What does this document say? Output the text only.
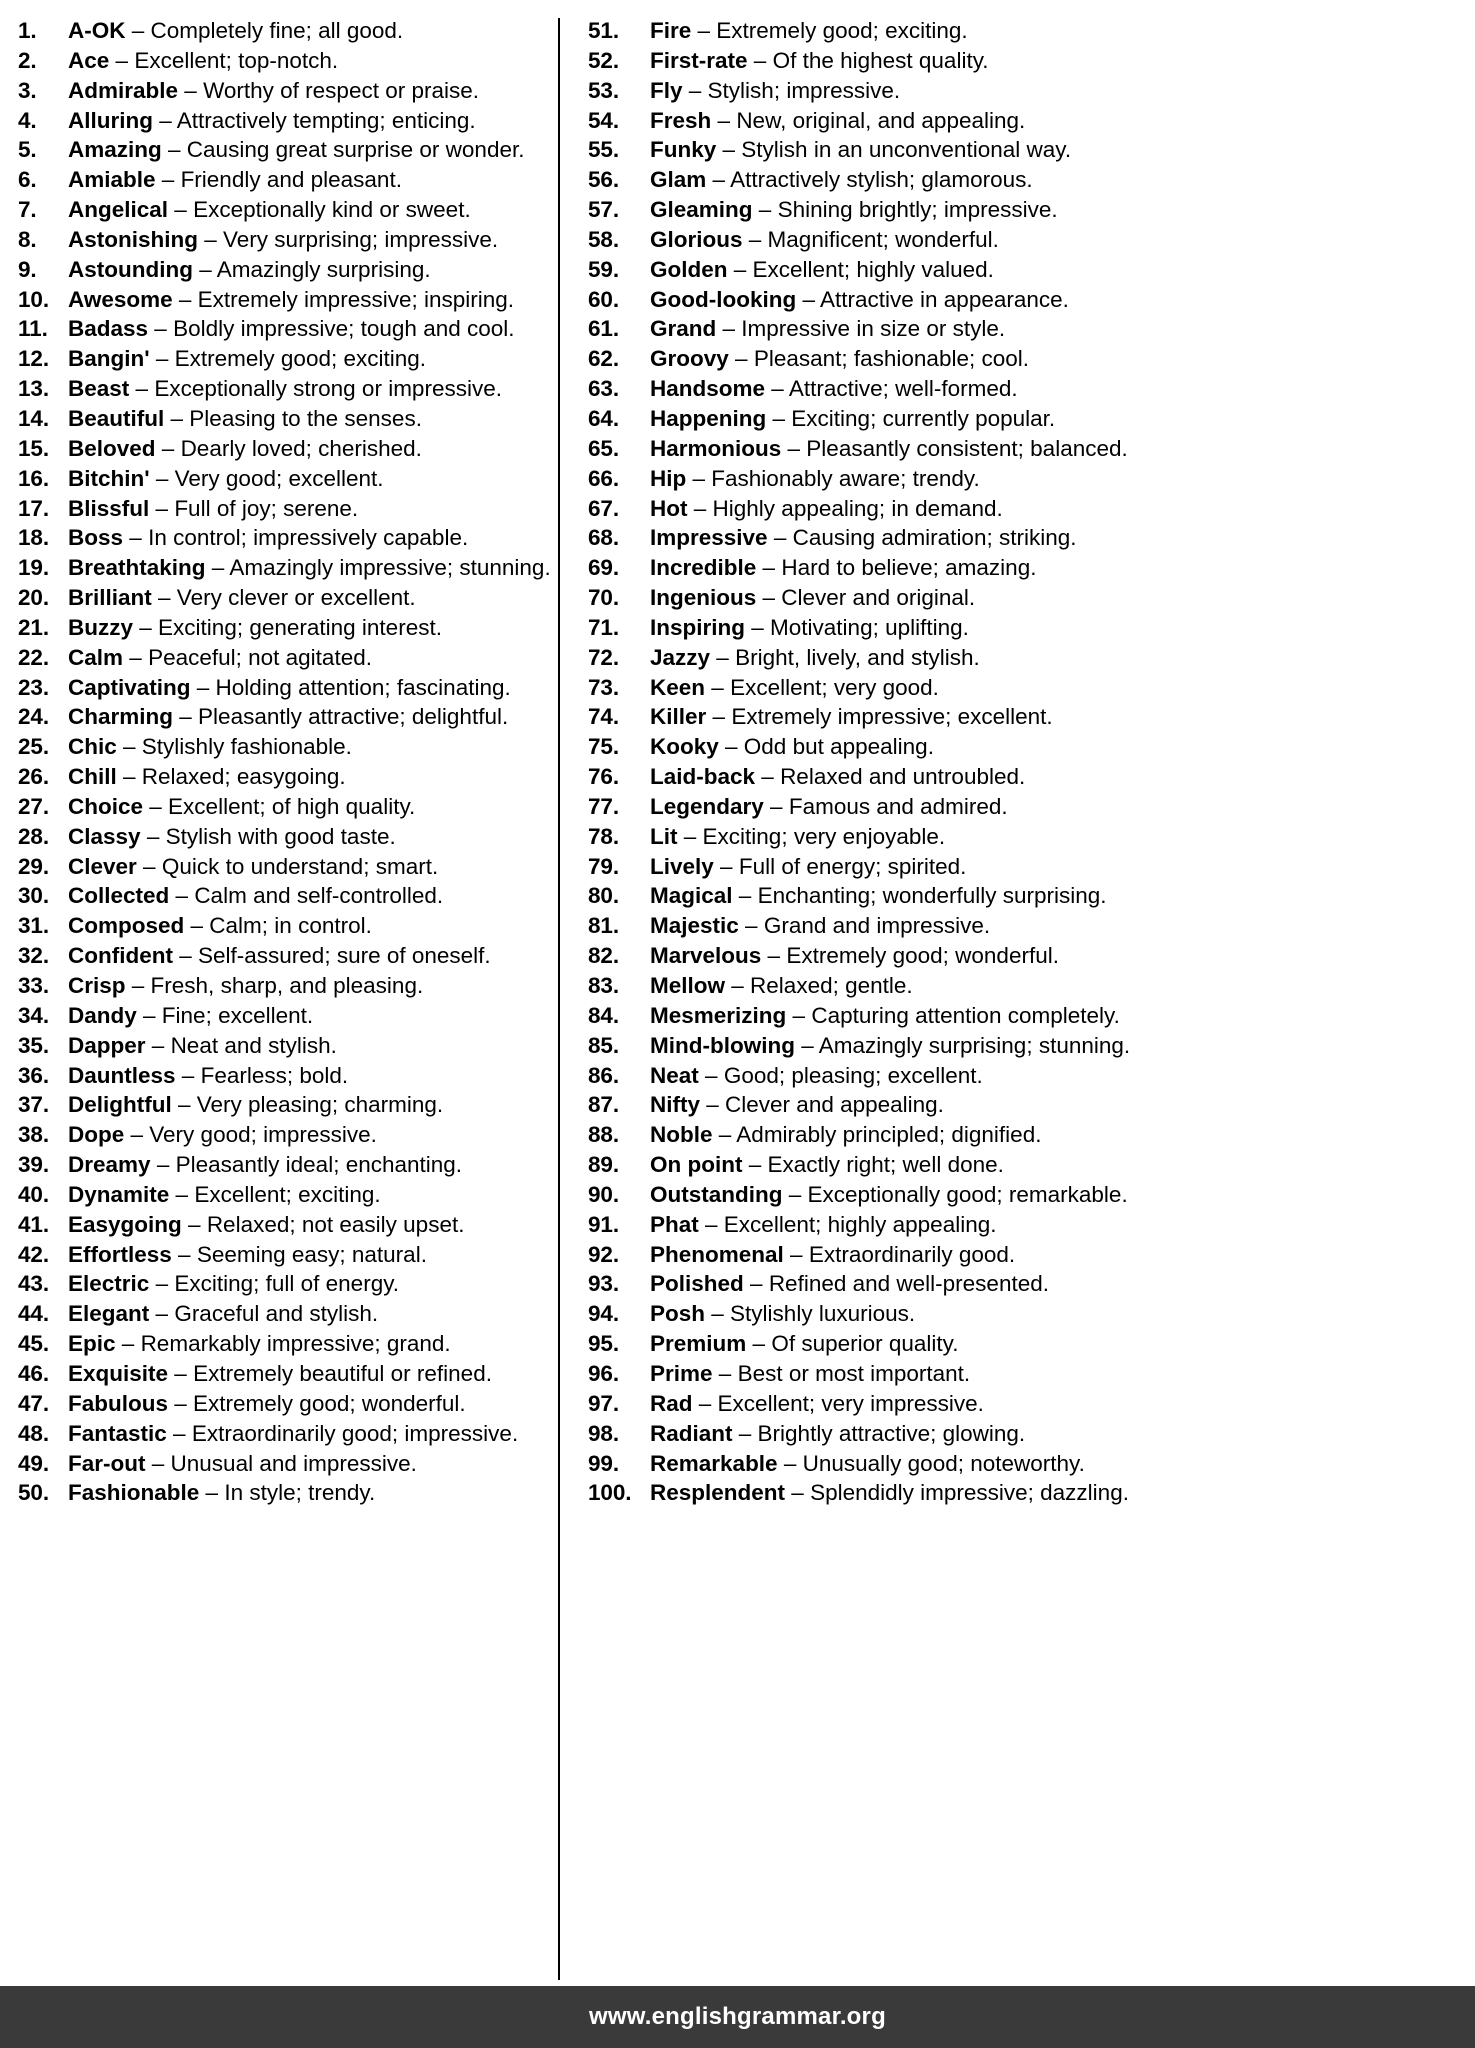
1.	A-OK – Completely fine; all good.
2.	Ace – Excellent; top-notch.
3.	Admirable – Worthy of respect or praise.
4.	Alluring – Attractively tempting; enticing.
5.	Amazing – Causing great surprise or wonder.
6.	Amiable – Friendly and pleasant.
7.	Angelical – Exceptionally kind or sweet.
8.	Astonishing – Very surprising; impressive.
9.	Astounding – Amazingly surprising.
10. Awesome – Extremely impressive; inspiring.
11. Badass – Boldly impressive; tough and cool.
12. Bangin' – Extremely good; exciting.
13. Beast – Exceptionally strong or impressive.
14. Beautiful – Pleasing to the senses.
15. Beloved – Dearly loved; cherished.
16. Bitchin' – Very good; excellent.
17. Blissful – Full of joy; serene.
18. Boss – In control; impressively capable.
19. Breathtaking – Amazingly impressive; stunning.
20. Brilliant – Very clever or excellent.
21. Buzzy – Exciting; generating interest.
22. Calm – Peaceful; not agitated.
23. Captivating – Holding attention; fascinating.
24. Charming – Pleasantly attractive; delightful.
25. Chic – Stylishly fashionable.
26. Chill – Relaxed; easygoing.
27. Choice – Excellent; of high quality.
28. Classy – Stylish with good taste.
29. Clever – Quick to understand; smart.
30. Collected – Calm and self-controlled.
31. Composed – Calm; in control.
32. Confident – Self-assured; sure of oneself.
33. Crisp – Fresh, sharp, and pleasing.
34. Dandy – Fine; excellent.
35. Dapper – Neat and stylish.
36. Dauntless – Fearless; bold.
37. Delightful – Very pleasing; charming.
38. Dope – Very good; impressive.
39. Dreamy – Pleasantly ideal; enchanting.
40. Dynamite – Excellent; exciting.
41. Easygoing – Relaxed; not easily upset.
42. Effortless – Seeming easy; natural.
43. Electric – Exciting; full of energy.
44. Elegant – Graceful and stylish.
45. Epic – Remarkably impressive; grand.
46. Exquisite – Extremely beautiful or refined.
47. Fabulous – Extremely good; wonderful.
48. Fantastic – Extraordinarily good; impressive.
49. Far-out – Unusual and impressive.
50. Fashionable – In style; trendy.
51.	Fire – Extremely good; exciting.
52.	First-rate – Of the highest quality.
53.	Fly – Stylish; impressive.
54.	Fresh – New, original, and appealing.
55.	Funky – Stylish in an unconventional way.
56.	Glam – Attractively stylish; glamorous.
57.	Gleaming – Shining brightly; impressive.
58.	Glorious – Magnificent; wonderful.
59.	Golden – Excellent; highly valued.
60.	Good-looking – Attractive in appearance.
61.	Grand – Impressive in size or style.
62.	Groovy – Pleasant; fashionable; cool.
63.	Handsome – Attractive; well-formed.
64.	Happening – Exciting; currently popular.
65.	Harmonious – Pleasantly consistent; balanced.
66.	Hip – Fashionably aware; trendy.
67.	Hot – Highly appealing; in demand.
68.	Impressive – Causing admiration; striking.
69.	Incredible – Hard to believe; amazing.
70.	Ingenious – Clever and original.
71.	Inspiring – Motivating; uplifting.
72.	Jazzy – Bright, lively, and stylish.
73.	Keen – Excellent; very good.
74.	Killer – Extremely impressive; excellent.
75.	Kooky – Odd but appealing.
76.	Laid-back – Relaxed and untroubled.
77.	Legendary – Famous and admired.
78.	Lit – Exciting; very enjoyable.
79.	Lively – Full of energy; spirited.
80.	Magical – Enchanting; wonderfully surprising.
81.	Majestic – Grand and impressive.
82.	Marvelous – Extremely good; wonderful.
83.	Mellow – Relaxed; gentle.
84.	Mesmerizing – Capturing attention completely.
85.	Mind-blowing – Amazingly surprising; stunning.
86.	Neat – Good; pleasing; excellent.
87.	Nifty – Clever and appealing.
88.	Noble – Admirably principled; dignified.
89.	On point – Exactly right; well done.
90.	Outstanding – Exceptionally good; remarkable.
91.	Phat – Excellent; highly appealing.
92.	Phenomenal – Extraordinarily good.
93.	Polished – Refined and well-presented.
94.	Posh – Stylishly luxurious.
95.	Premium – Of superior quality.
96.	Prime – Best or most important.
97.	Rad – Excellent; very impressive.
98.	Radiant – Brightly attractive; glowing.
99.	Remarkable – Unusually good; noteworthy.
100. Resplendent – Splendidly impressive; dazzling.
www.englishgrammar.org
